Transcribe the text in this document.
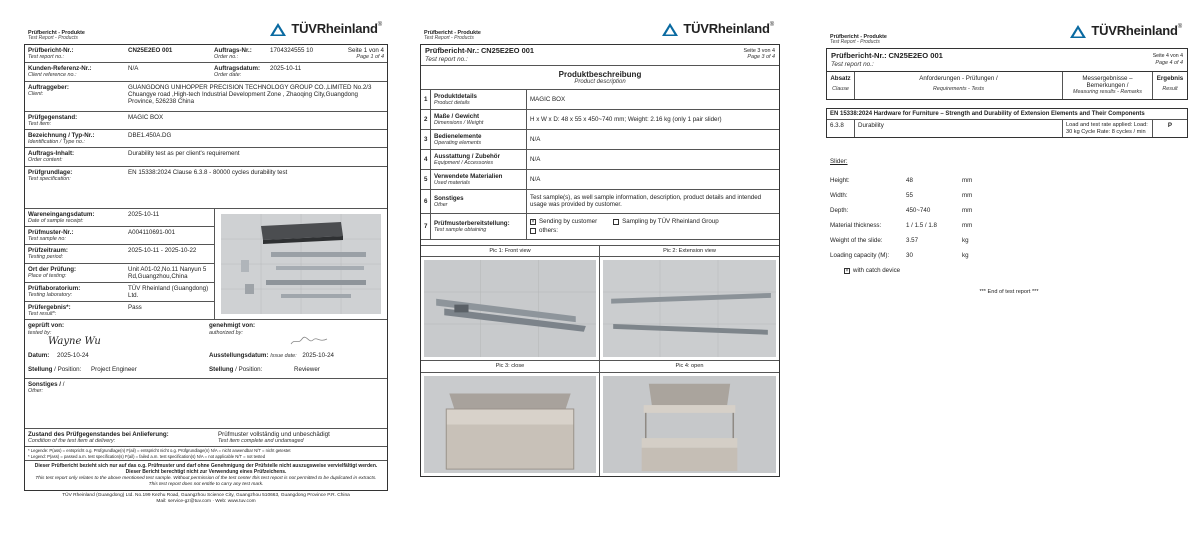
Prüfbericht - Produkte
Test Report - Products
TÜVRheinland®
Prüfbericht-Nr.:
Test report no.:
CN25E2EO 001	Auftrags-Nr.:
Order no.:
1704324555 10	Seite 1 von 4
Page 1 of 4
Kunden-Referenz-Nr.:
Client reference no.:
N/A	Auftragsdatum:
Order date:
2025-10-11
Auftraggeber:
Client:
GUANGDONG UNIHOPPER PRECISION TECHNOLOGY GROUP CO.,LIMITED No.2/3 Chuangye road ,High-tech Industrial Development Zone , Zhaoqing City,Guangdong Province, 526238 China
Prüfgegenstand:
Test item:
MAGIC BOX
Bezeichnung / Typ-Nr.:
Identification / Type no.:
DBE1.450A.DG
Auftrags-Inhalt:
Order content:
Durability test as per client's requirement
Prüfgrundlage:
Test specification:
EN 15338:2024 Clause 6.3.8 - 80000 cycles durability test
Wareneingangsdatum:
Date of sample receipt:
2025-10-11
Prüfmuster-Nr.:
Test sample no:
A004110691-001
Prüfzeitraum:
Testing period:
2025-10-11 - 2025-10-22
Ort der Prüfung:
Place of testing:
Unit A01-02,No.11 Nanyun 5 Rd,Guangzhou,China
Prüflaboratorium:
Testing laboratory:
TÜV Rheinland (Guangdong) Ltd.
Prüfergebnis*:
Test result*:
Pass
geprüft von:
tested by:
Wayne Wu
genehmigt von:
authorized by:
Datum: 2025-10-24	Ausstellungsdatum: Issue date: 2025-10-24
Stellung / Position: Project Engineer	Stellung / Position:	Reviewer
Sonstiges / /
Other:
Zustand des Prüfgegenstandes bei Anlieferung:
Condition of the test item at delivery:
Prüfmuster vollständig und unbeschädigt
Test item complete and undamaged
* Legende: P(ass) = entspricht o.g. Prüfgrundlage(n) F(ail) = entspricht nicht o.g. Prüfgrundlage(n) N/A = nicht anwendbar N/T = nicht getestet
* Legend: P(ass) = passed a.m. test specification(s) F(ail) = failed a.m. test specification(s) N/A = not applicable N/T = not tested
Dieser Prüfbericht bezieht sich nur auf das o.g. Prüfmuster und darf ohne Genehmigung der Prüfstelle nicht auszugsweise vervielfältigt werden. Dieser Bericht berechtigt nicht zur Verwendung eines Prüfzeichens.
This test report only relates to the above mentioned test sample. Without permission of the test center this test report is not permitted to be duplicated in extracts. This test report does not entitle to carry any test mark.
TÜV Rheinland (Guangdong) Ltd. No.199 Kezhu Road, Guangzhou Science City, Guangzhou 510663, Guangdong Province P.R. China
Mail: service-gz@tuv.com · Web: www.tuv.com
Prüfbericht - Produkte
Test Report - Products
TÜVRheinland®
Prüfbericht-Nr.: CN25E2EO 001
Test report no.:
Seite 3 von 4
Page 3 of 4
Produktbeschreibung
Product description
1	Produktdetails
Product details
MAGIC BOX
2	Maße / Gewicht
Dimensions / Weight
H x W x D: 48 x 55 x 450~740 mm; Weight: 2.16 kg (only 1 pair slider)
3	Bedienelemente
Operating elements
N/A
4	Ausstattung / Zubehör
Equipment / Accessories
N/A
5	Verwendete Materialien
Used materials
N/A
6	Sonstiges
Other
Test sample(s), as well sample information, description, product details and intended usage was provided by customer.
7	Prüfmusterbereitstellung:
Test sample obtaining
× Sending by customer	Sampling by TÜV Rheinland Group
others:
Pic 1: Front view	Pic 2: Extension view
Pic 3: close	Pic 4: open
Prüfbericht - Produkte
Test Report - Products
TÜVRheinland®
Prüfbericht-Nr.: CN25E2EO 001
Test report no.:
Seite 4 von 4
Page 4 of 4
Absatz
Clause
Anforderungen - Prüfungen /
Requirements - Tests
Messergebnisse – Bemerkungen /
Measuring results - Remarks
Ergebnis
Result
EN 15338:2024 Hardware for Furniture – Strength and Durability of Extension Elements and Their Components
6.3.8	Durability	Load and test rate applied: Load: 30 kg Cycle Rate: 8 cycles / min
P
Slider:
Height:	48	mm
Width:	55	mm
Depth:	450~740	mm
Material thickness:	1 / 1.5 / 1.8	mm
Weight of the slide:	3.57	kg
Loading capacity (M):	30	kg
× with catch device
*** End of test report ***
